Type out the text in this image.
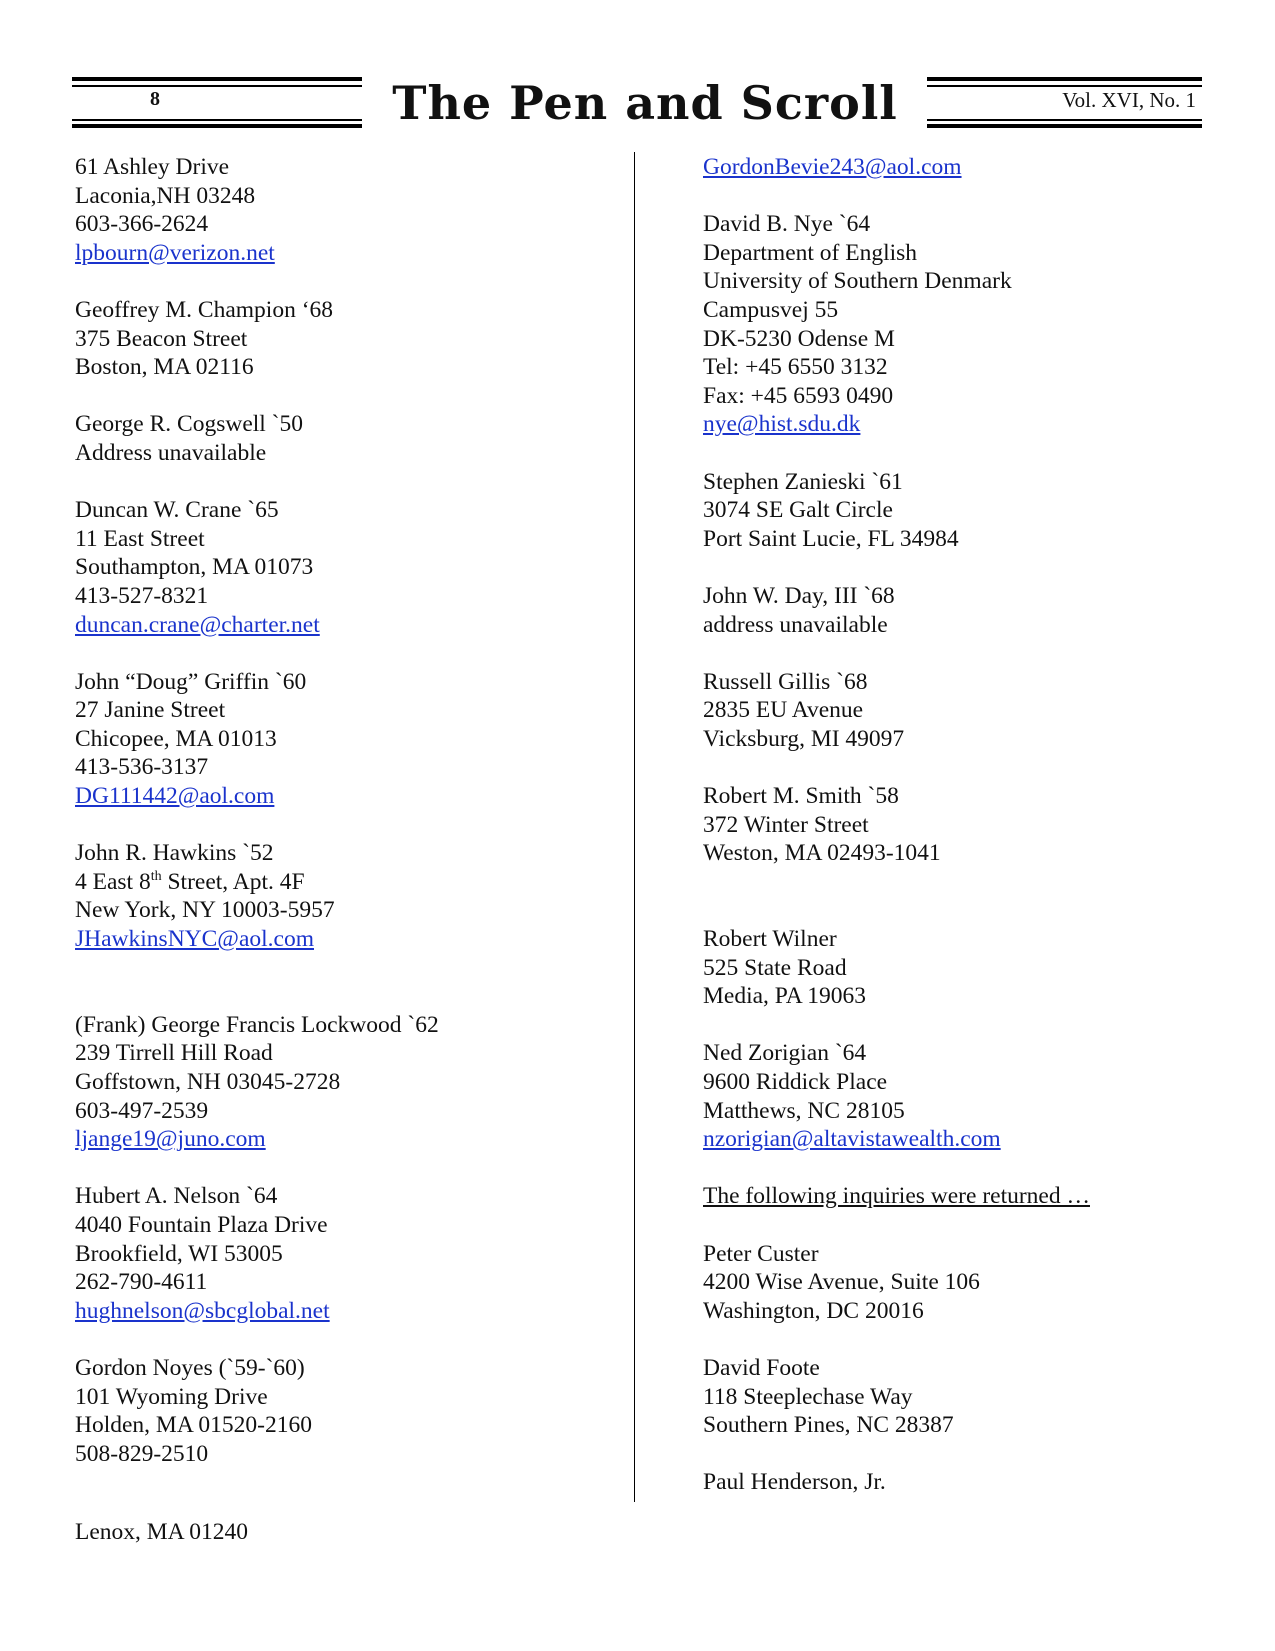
8	The Pen and Scroll	Vol. XVI, No. 1
61 Ashley Drive
Laconia,NH 03248
603-366-2624
lpbourn@verizon.net
Geoffrey M. Champion ‘68
375 Beacon Street
Boston, MA 02116
George R. Cogswell `50
Address unavailable
Duncan W. Crane `65
11 East Street
Southampton, MA 01073
413-527-8321
duncan.crane@charter.net
John “Doug” Griffin `60
27 Janine Street
Chicopee, MA 01013
413-536-3137
DG111442@aol.com
John R. Hawkins `52
4 East 8th Street, Apt. 4F
New York, NY 10003-5957
JHawkinsNYC@aol.com
(Frank) George Francis Lockwood `62
239 Tirrell Hill Road
Goffstown, NH 03045-2728
603-497-2539
ljange19@juno.com
Hubert A. Nelson `64
4040 Fountain Plaza Drive
Brookfield, WI 53005
262-790-4611
hughnelson@sbcglobal.net
Gordon Noyes (`59-`60)
101 Wyoming Drive
Holden, MA 01520-2160
508-829-2510
Lenox, MA 01240
GordonBevie243@aol.com
David B. Nye `64
Department of English
University of Southern Denmark
Campusvej 55
DK-5230 Odense M
Tel: +45 6550 3132
Fax: +45 6593 0490
nye@hist.sdu.dk
Stephen Zanieski `61
3074 SE Galt Circle
Port Saint Lucie, FL 34984
John W. Day, III `68
address unavailable
Russell Gillis `68
2835 EU Avenue
Vicksburg, MI 49097
Robert M. Smith `58
372 Winter Street
Weston, MA 02493-1041
Robert Wilner
525 State Road
Media, PA 19063
Ned Zorigian `64
9600 Riddick Place
Matthews, NC 28105
nzorigian@altavistawealth.com
The following inquiries were returned …
Peter Custer
4200 Wise Avenue, Suite 106
Washington, DC 20016
David Foote
118 Steeplechase Way
Southern Pines, NC 28387
Paul Henderson, Jr.
